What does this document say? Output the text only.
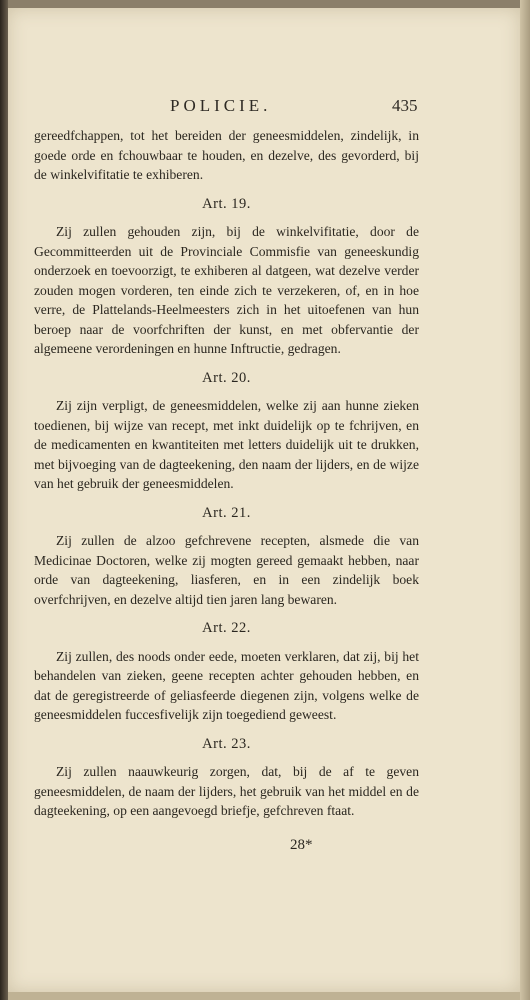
POLICIE.	435

gereedfchappen, tot het bereiden der geneesmiddelen, zindelijk, in goede orde en fchouwbaar te houden, en dezelve, des gevorderd, bij de winkelvifitatie te exhiberen.

Art. 19.

Zij zullen gehouden zijn, bij de winkelvifitatie, door de Gecommitteerden uit de Provinciale Commisfie van geneeskundig onderzoek en toevoorzigt, te exhiberen al datgeen, wat dezelve verder zouden mogen vorderen, ten einde zich te verzekeren, of, en in hoe verre, de Plattelands-Heelmeesters zich in het uitoefenen van hun beroep naar de voorfchriften der kunst, en met obfervantie der algemeene verordeningen en hunne Inftructie, gedragen.

Art. 20.

Zij zijn verpligt, de geneesmiddelen, welke zij aan hunne zieken toedienen, bij wijze van recept, met inkt duidelijk op te fchrijven, en de medicamenten en kwantiteiten met letters duidelijk uit te drukken, met bijvoeging van de dagteekening, den naam der lijders, en de wijze van het gebruik der geneesmiddelen.

Art. 21.

Zij zullen de alzoo gefchrevene recepten, alsmede die van Medicinae Doctoren, welke zij mogten gereed gemaakt hebben, naar orde van dagteekening, liasferen, en in een zindelijk boek overfchrijven, en dezelve altijd tien jaren lang bewaren.

Art. 22.

Zij zullen, des noods onder eede, moeten verklaren, dat zij, bij het behandelen van zieken, geene recepten achter gehouden hebben, en dat de geregistreerde of geliasfeerde diegenen zijn, volgens welke de geneesmiddelen fuccesfivelijk zijn toegediend geweest.

Art. 23.

Zij zullen naauwkeurig zorgen, dat, bij de af te geven geneesmiddelen, de naam der lijders, het gebruik van het middel en de dagteekening, op een aangevoegd briefje, gefchreven ftaat.

28*
